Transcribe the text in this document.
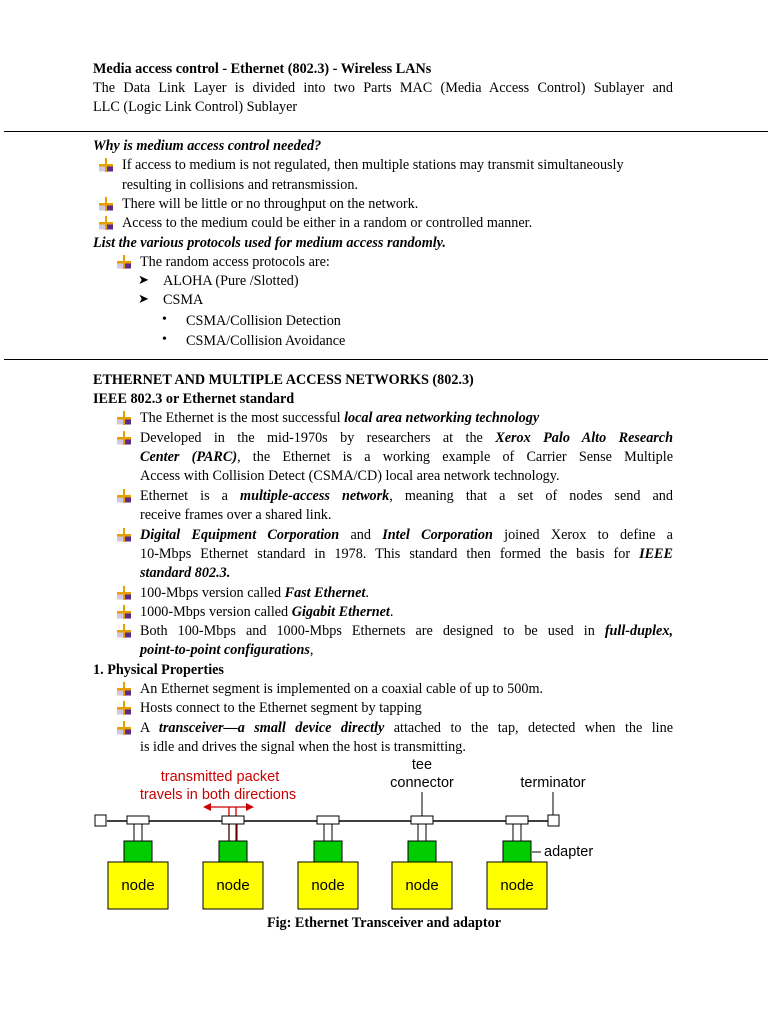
Media access control - Ethernet (802.3) - Wireless LANs
The Data Link Layer is divided into two Parts MAC (Media Access Control) Sublayer and
LLC (Logic Link Control) Sublayer
Why is medium access control needed?
If access to medium is not regulated, then multiple stations may transmit simultaneously
resulting in collisions and retransmission.
There will be little or no throughput on the network.
Access to the medium could be either in a random or controlled manner.
List the various protocols used for medium access randomly.
The random access protocols are:
➤ ALOHA (Pure /Slotted)
➤ CSMA
• CSMA/Collision Detection
• CSMA/Collision Avoidance
ETHERNET AND MULTIPLE ACCESS NETWORKS (802.3)
IEEE 802.3 or Ethernet standard
The Ethernet is the most successful local area networking technology
Developed in the mid-1970s by researchers at the Xerox Palo Alto Research
Center (PARC), the Ethernet is a working example of Carrier Sense Multiple
Access with Collision Detect (CSMA/CD) local area network technology.
Ethernet is a multiple-access network, meaning that a set of nodes send and
receive frames over a shared link.
Digital Equipment Corporation and Intel Corporation joined Xerox to define a
10-Mbps Ethernet standard in 1978. This standard then formed the basis for IEEE
standard 802.3.
100-Mbps version called Fast Ethernet.
1000-Mbps version called Gigabit Ethernet.
Both 100-Mbps and 1000-Mbps Ethernets are designed to be used in full-duplex,
point-to-point configurations,
1. Physical Properties
An Ethernet segment is implemented on a coaxial cable of up to 500m.
Hosts connect to the Ethernet segment by tapping
A transceiver—a small device directly attached to the tap, detected when the line
is idle and drives the signal when the host is transmitting.
transmitted packet
travels in both directions
tee
connector	terminator
adapter
node	node	node	node	node
Fig: Ethernet Transceiver and adaptor
